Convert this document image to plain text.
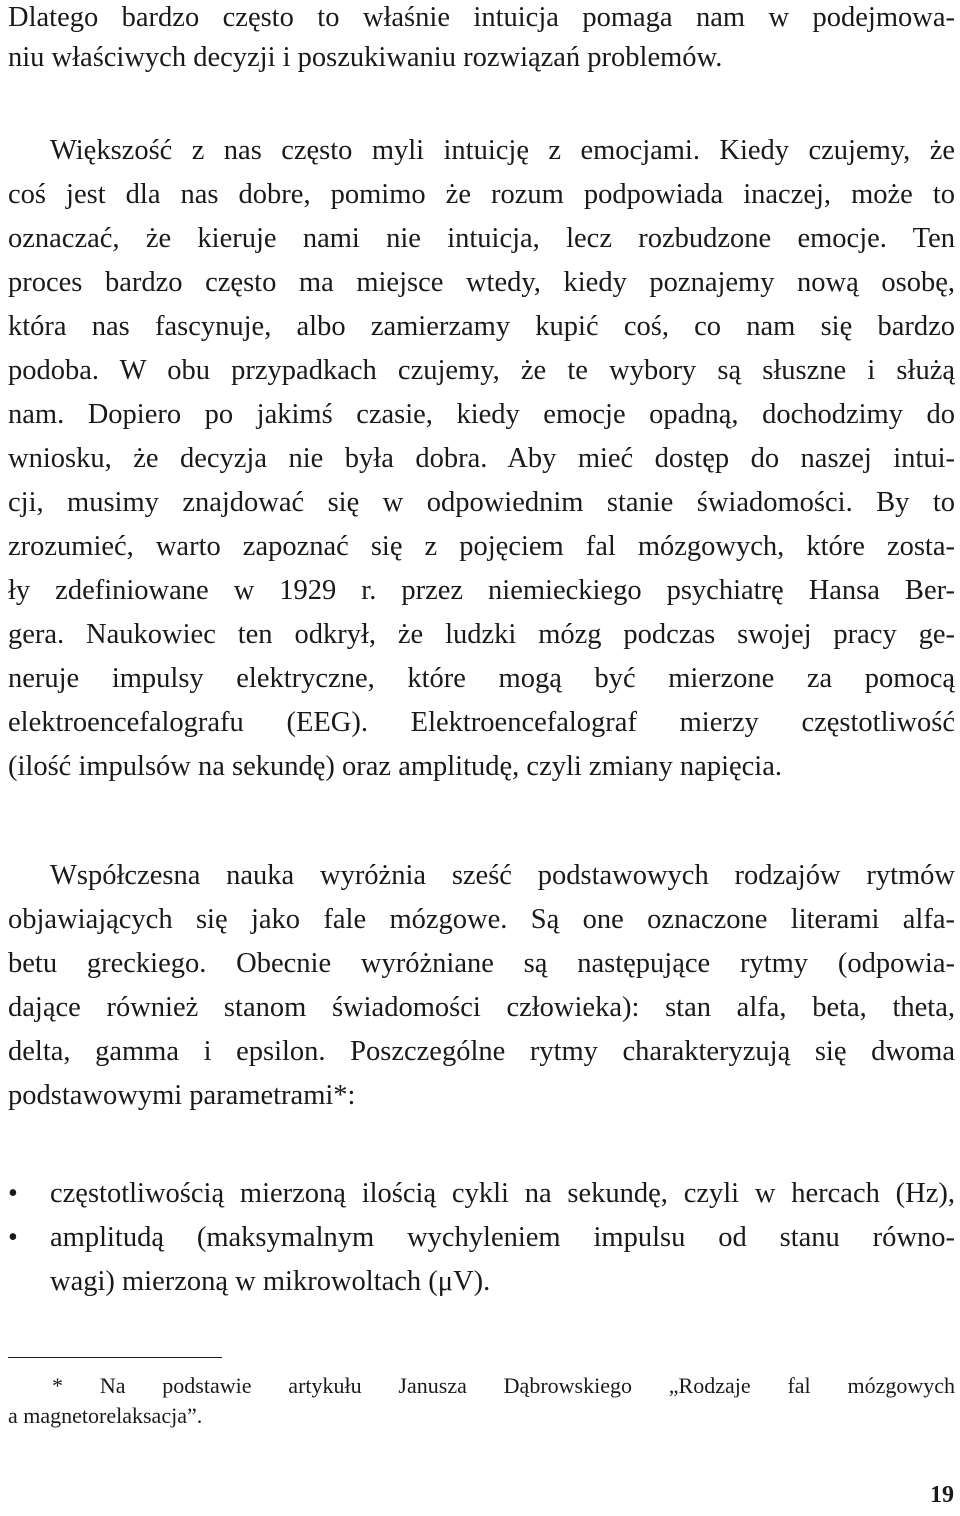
Dlatego bardzo często to właśnie intuicja pomaga nam w podejmowa-
niu właściwych decyzji i poszukiwaniu rozwiązań problemów.
Większość z nas często myli intuicję z emocjami. Kiedy czujemy, że
coś jest dla nas dobre, pomimo że rozum podpowiada inaczej, może to
oznaczać, że kieruje nami nie intuicja, lecz rozbudzone emocje. Ten
proces bardzo często ma miejsce wtedy, kiedy poznajemy nową osobę,
która nas fascynuje, albo zamierzamy kupić coś, co nam się bardzo
podoba. W obu przypadkach czujemy, że te wybory są słuszne i służą
nam. Dopiero po jakimś czasie, kiedy emocje opadną, dochodzimy do
wniosku, że decyzja nie była dobra. Aby mieć dostęp do naszej intui-
cji, musimy znajdować się w odpowiednim stanie świadomości. By to
zrozumieć, warto zapoznać się z pojęciem fal mózgowych, które zosta-
ły zdefiniowane w 1929 r. przez niemieckiego psychiatrę Hansa Ber-
gera. Naukowiec ten odkrył, że ludzki mózg podczas swojej pracy ge-
neruje impulsy elektryczne, które mogą być mierzone za pomocą
elektroencefalografu (EEG). Elektroencefalograf mierzy częstotliwość
(ilość impulsów na sekundę) oraz amplitudę, czyli zmiany napięcia.
Współczesna nauka wyróżnia sześć podstawowych rodzajów rytmów
objawiających się jako fale mózgowe. Są one oznaczone literami alfa-
betu greckiego. Obecnie wyróżniane są następujące rytmy (odpowia-
dające również stanom świadomości człowieka): stan alfa, beta, theta,
delta, gamma i epsilon. Poszczególne rytmy charakteryzują się dwoma
podstawowymi parametrami*:
• częstotliwością mierzoną ilością cykli na sekundę, czyli w hercach (Hz),
• amplitudą (maksymalnym wychyleniem impulsu od stanu równo-
wagi) mierzoną w mikrowoltach (μV).
* Na podstawie artykułu Janusza Dąbrowskiego „Rodzaje fal mózgowych
a magnetorelaksacja”.
19
